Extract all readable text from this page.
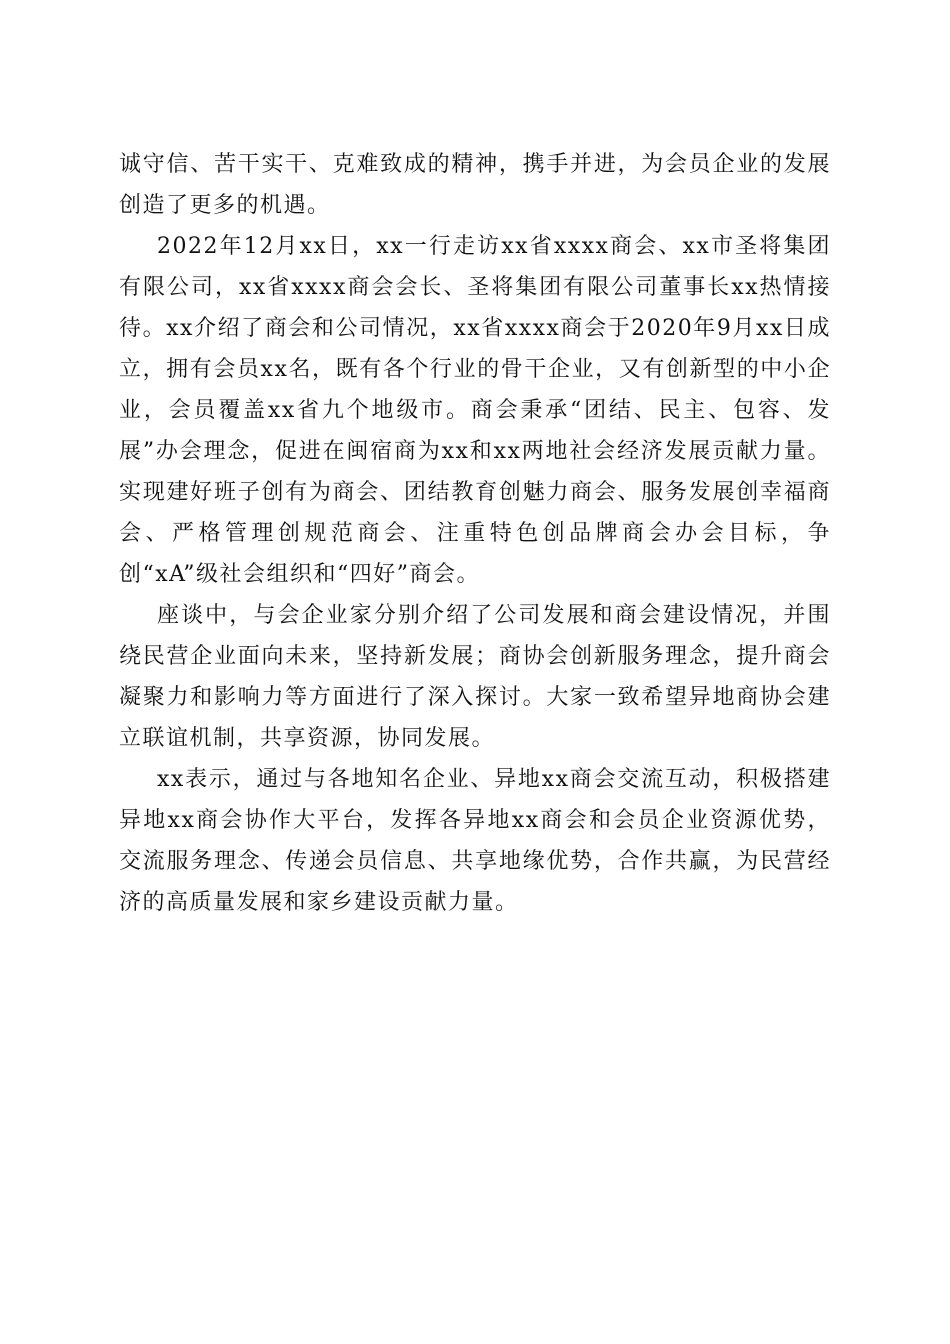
诚守信、苦干实干、克难致成的精神，携手并进，为会员企业的发展创造了更多的机遇。

2022年12月xx日，xx一行走访xx省xxxx商会、xx市圣将集团有限公司，xx省xxxx商会会长、圣将集团有限公司董事长xx热情接待。xx介绍了商会和公司情况，xx省xxxx商会于2020年9月xx日成立，拥有会员xx名，既有各个行业的骨干企业，又有创新型的中小企业，会员覆盖xx省九个地级市。商会秉承“团结、民主、包容、发展”办会理念，促进在闽宿商为xx和xx两地社会经济发展贡献力量。实现建好班子创有为商会、团结教育创魅力商会、服务发展创幸福商会、严格管理创规范商会、注重特色创品牌商会办会目标，争创“xA”级社会组织和“四好”商会。

座谈中，与会企业家分别介绍了公司发展和商会建设情况，并围绕民营企业面向未来，坚持新发展；商协会创新服务理念，提升商会凝聚力和影响力等方面进行了深入探讨。大家一致希望异地商协会建立联谊机制，共享资源，协同发展。

xx表示，通过与各地知名企业、异地xx商会交流互动，积极搭建异地xx商会协作大平台，发挥各异地xx商会和会员企业资源优势，交流服务理念、传递会员信息、共享地缘优势，合作共赢，为民营经济的高质量发展和家乡建设贡献力量。
